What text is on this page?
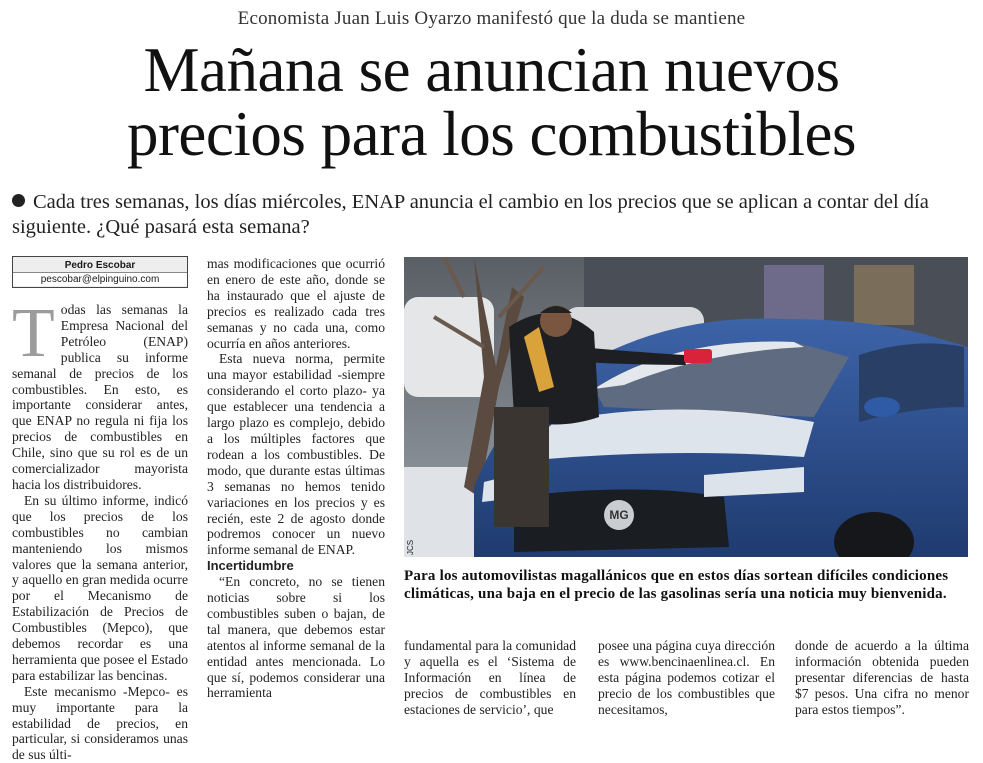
Economista Juan Luis Oyarzo manifestó que la duda se mantiene
Mañana se anuncian nuevos
precios para los combustibles
Cada tres semanas, los días miércoles, ENAP anuncia el cambio en los precios que se aplican a contar del día siguiente. ¿Qué pasará esta semana?
Pedro Escobar
pescobar@elpinguino.com

Todas las semanas la Empresa Nacional del Petróleo (ENAP) publica su informe semanal de precios de los combustibles. En esto, es importante considerar antes, que ENAP no regula ni fija los precios de combustibles en Chile, sino que su rol es de un comercializador mayorista hacia los distribuidores.

En su último informe, indicó que los precios de los combustibles no cambian manteniendo los mismos valores que la semana anterior, y aquello en gran medida ocurre por el Mecanismo de Estabilización de Precios de Combustibles (Mepco), que debemos recordar es una herramienta que posee el Estado para estabilizar las bencinas.

Este mecanismo -Mepco- es muy importante para la estabilidad de precios, en particular, si consideramos unas de sus últi-

mas modificaciones que ocurrió en enero de este año, donde se ha instaurado que el ajuste de precios es realizado cada tres semanas y no cada una, como ocurría en años anteriores.

Esta nueva norma, permite una mayor estabilidad -siempre considerando el corto plazo- ya que establecer una tendencia a largo plazo es complejo, debido a los múltiples factores que rodean a los combustibles. De modo, que durante estas últimas 3 semanas no hemos tenido variaciones en los precios y es recién, este 2 de agosto donde podremos conocer un nuevo informe semanal de ENAP.

Incertidumbre

“En concreto, no se tienen noticias sobre si los combustibles suben o bajan, de tal manera, que debemos estar atentos al informe semanal de la entidad antes mencionada. Lo que sí, podemos considerar una herramienta

MG
JCS
Para los automovilistas magallánicos que en estos días sortean difíciles condiciones climáticas, una baja en el precio de las gasolinas sería una noticia muy bienvenida.

fundamental para la comunidad y aquella es el ‘Sistema de Información en línea de precios de combustibles en estaciones de servicio’, que

posee una página cuya dirección es www.bencinaenlinea.cl. En esta página podemos cotizar el precio de los combustibles que necesitamos,

donde de acuerdo a la última información obtenida pueden presentar diferencias de hasta $7 pesos. Una cifra no menor para estos tiempos”.
